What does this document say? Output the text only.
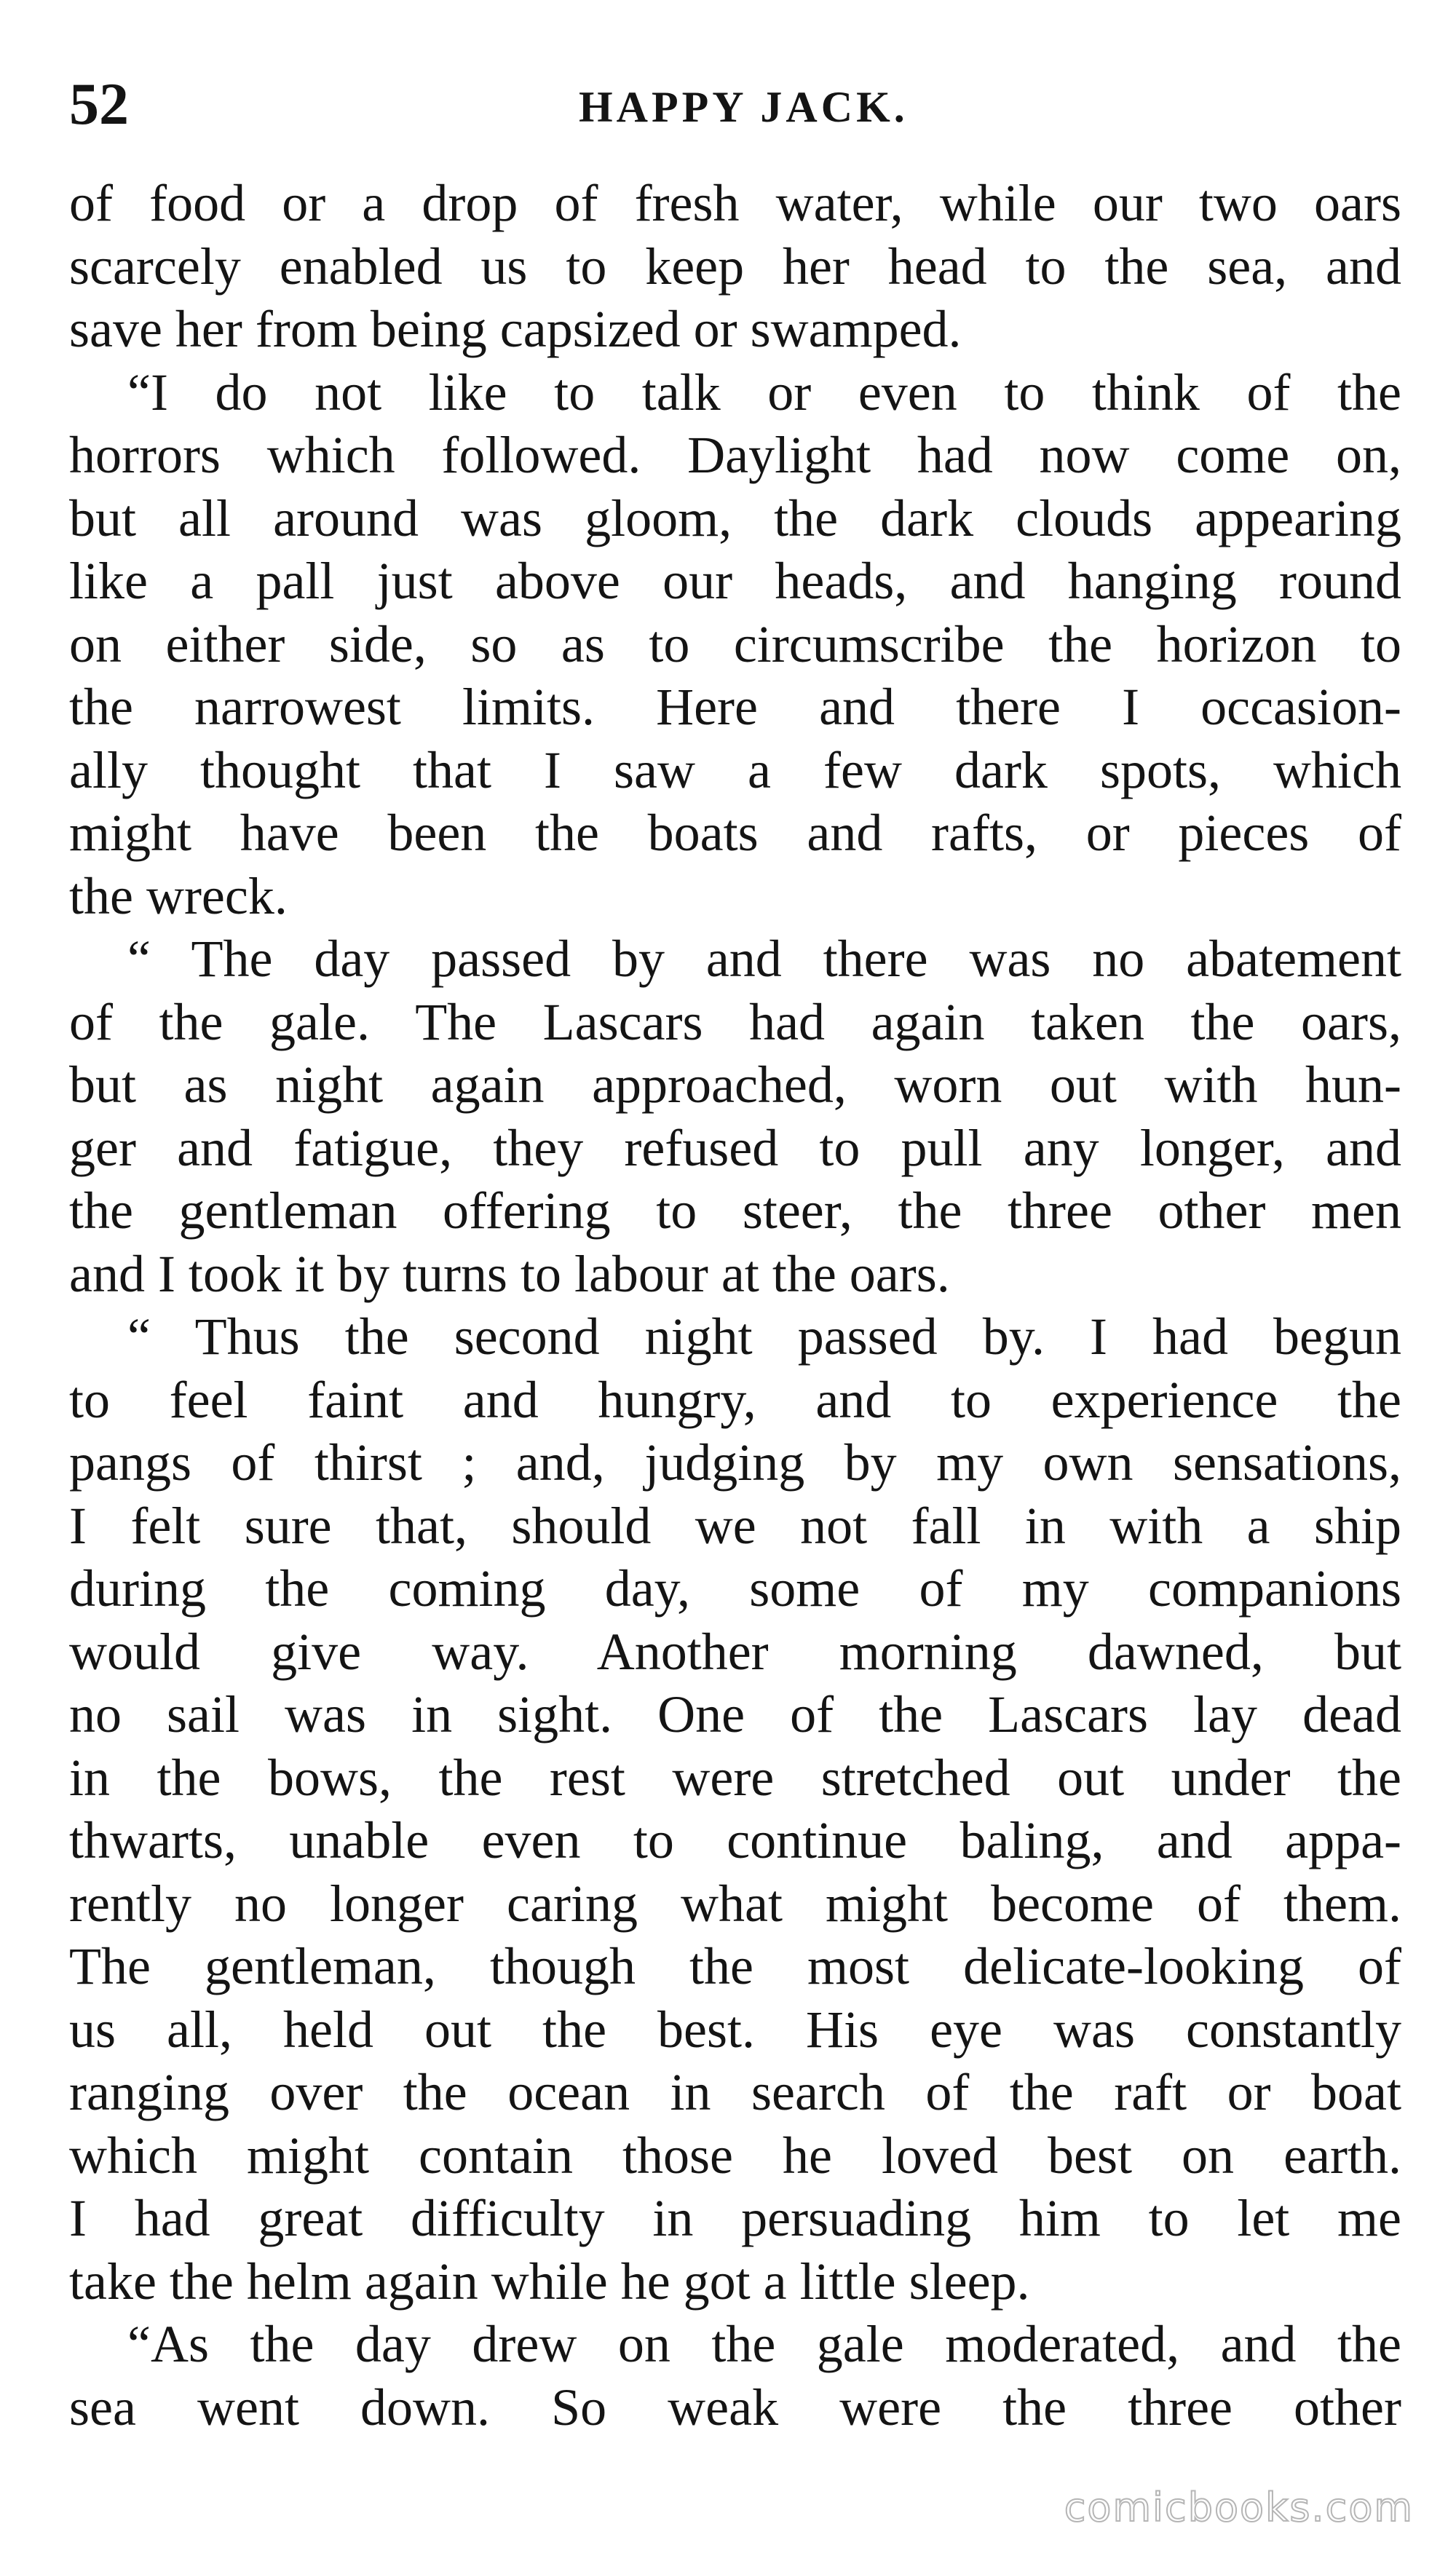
52	HAPPY JACK.
of food or a drop of fresh water, while our two oars
scarcely enabled us to keep her head to the sea, and
save her from being capsized or swamped.
“I do not like to talk or even to think of the
horrors which followed. Daylight had now come on,
but all around was gloom, the dark clouds appearing
like a pall just above our heads, and hanging round
on either side, so as to circumscribe the horizon to
the narrowest limits. Here and there I occasion-
ally thought that I saw a few dark spots, which
might have been the boats and rafts, or pieces of
the wreck.
“ The day passed by and there was no abatement
of the gale. The Lascars had again taken the oars,
but as night again approached, worn out with hun-
ger and fatigue, they refused to pull any longer, and
the gentleman offering to steer, the three other men
and I took it by turns to labour at the oars.
“ Thus the second night passed by. I had begun
to feel faint and hungry, and to experience the
pangs of thirst ; and, judging by my own sensations,
I felt sure that, should we not fall in with a ship
during the coming day, some of my companions
would give way. Another morning dawned, but
no sail was in sight. One of the Lascars lay dead
in the bows, the rest were stretched out under the
thwarts, unable even to continue baling, and appa-
rently no longer caring what might become of them.
The gentleman, though the most delicate-looking of
us all, held out the best. His eye was constantly
ranging over the ocean in search of the raft or boat
which might contain those he loved best on earth.
I had great difficulty in persuading him to let me
take the helm again while he got a little sleep.
“As the day drew on the gale moderated, and the
sea went down. So weak were the three other
comicbooks.com
